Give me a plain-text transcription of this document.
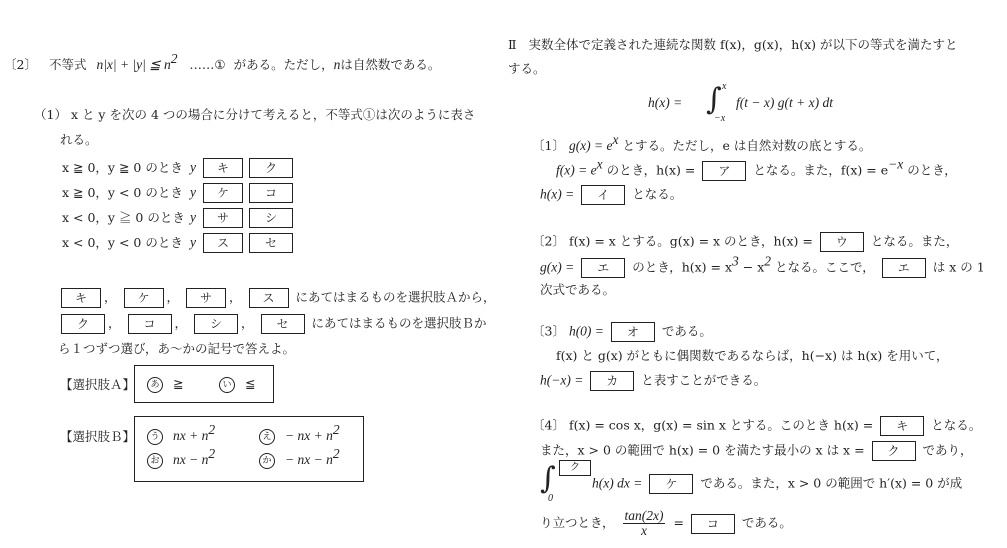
〔2〕 不等式 n|x| + |y| ≦ $n^2$ ……① がある。ただし，nは自然数である。
（1） x と y を次の 4 つの場合に分けて考えると，不等式①は次のように表さ
れる。
x ≧ 0，y ≧ 0 のとき y キ	ク
x ≧ 0，y < 0 のとき y ケ	コ
x < 0，y ≧ 0 のとき y サ	シ
x < 0，y < 0 のとき y ス	セ
キ ， ケ ， サ ， ス にあてはまるものを選択肢Ａから，
ク ， コ ， シ ， セ にあてはまるものを選択肢Ｂか
ら１つずつ選び，あ～かの記号で答えよ。
【選択肢Ａ】	あ ≧	い ≦
【選択肢Ｂ】	う nx + $n^2$	え − nx + $n^2$
お nx − $n^2$	か − nx − $n^2$
Ⅱ 実数全体で定義された連続な関数 f(x)，g(x)，h(x) が以下の等式を満たすと
する。
h(x) = ∫ x
−x
f(t − x) g(t + x) dt
〔1〕 $g(x) = e^x$ とする。ただし，e は自然対数の底とする。
$f(x) = e^x$ のとき，h(x) = ア となる。また，$f(x) = e^{-x}$ のとき，
h(x) = イ となる。
〔2〕 f(x) = x とする。g(x) = x のとき，h(x) = ウ となる。また，
g(x) = エ のとき，$h(x) = x^3 - x^2$ となる。ここで， エ は x の 1
次式である。
〔3〕 h(0) = オ である。
f(x) と g(x) がともに偶関数であるならば，h(−x) は h(x) を用いて，
h(−x) = カ と表すことができる。
〔4〕 f(x) = cos x，g(x) = sin x とする。このとき h(x) = キ となる。
また，x > 0 の範囲で h(x) = 0 を満たす最小の x は x = ク であり，
∫	ク
0
h(x) dx = ケ である。また，x > 0 の範囲で h′(x) = 0 が成
り立つとき， $\frac{\tan(2x)}{x}$ = コ である。
